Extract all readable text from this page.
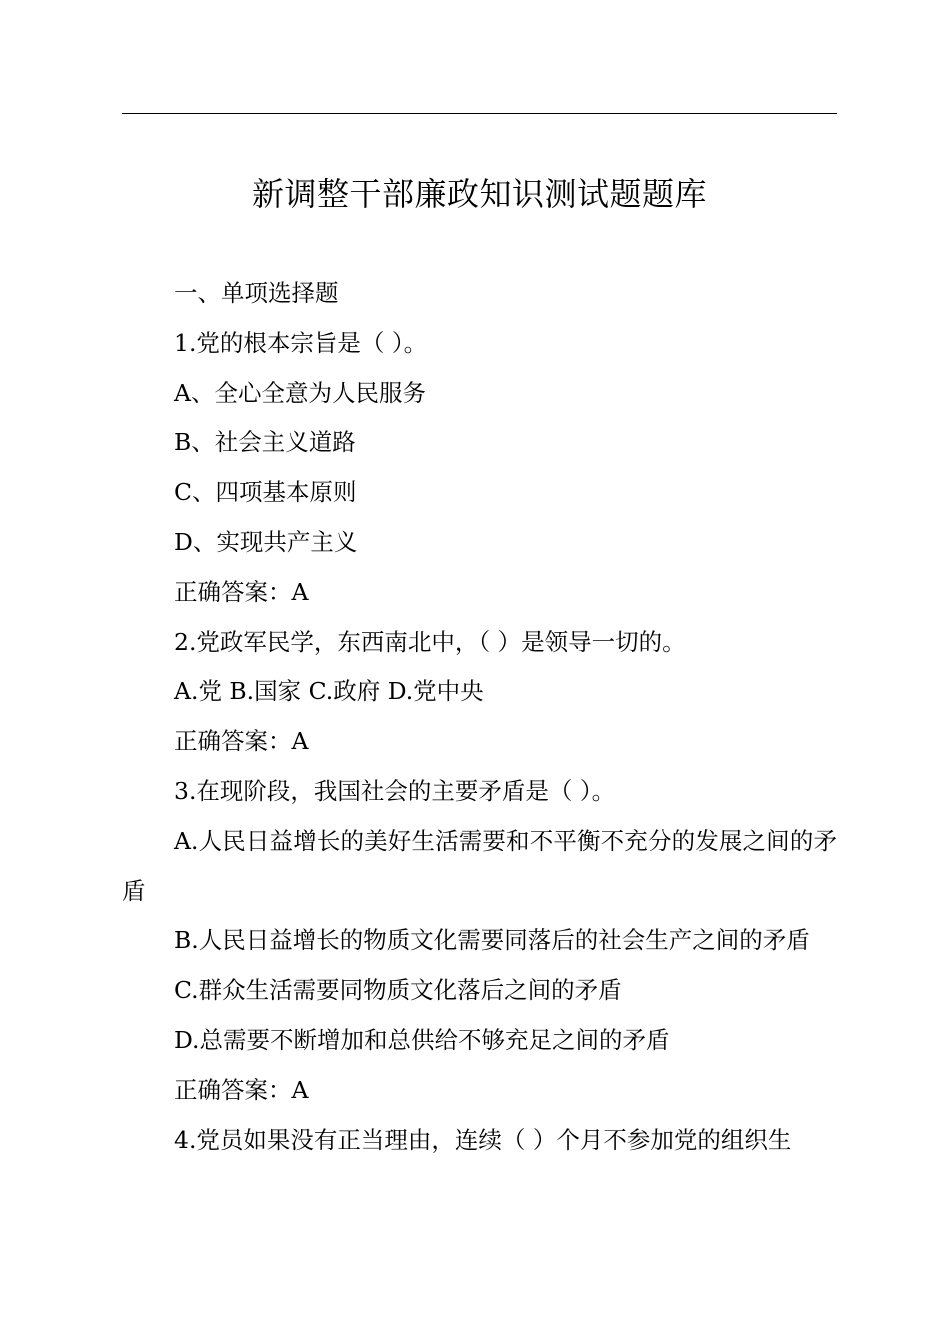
新调整干部廉政知识测试题题库

一、单项选择题

1.党的根本宗旨是（ ）。

A、全心全意为人民服务

B、社会主义道路

C、四项基本原则

D、实现共产主义

正确答案：A

2.党政军民学，东西南北中，（ ）是领导一切的。

A.党 B.国家 C.政府 D.党中央

正确答案：A

3.在现阶段，我国社会的主要矛盾是（ ）。

A.人民日益增长的美好生活需要和不平衡不充分的发展之间的矛盾

B.人民日益增长的物质文化需要同落后的社会生产之间的矛盾

C.群众生活需要同物质文化落后之间的矛盾

D.总需要不断增加和总供给不够充足之间的矛盾

正确答案：A

4.党员如果没有正当理由，连续（ ）个月不参加党的组织生
